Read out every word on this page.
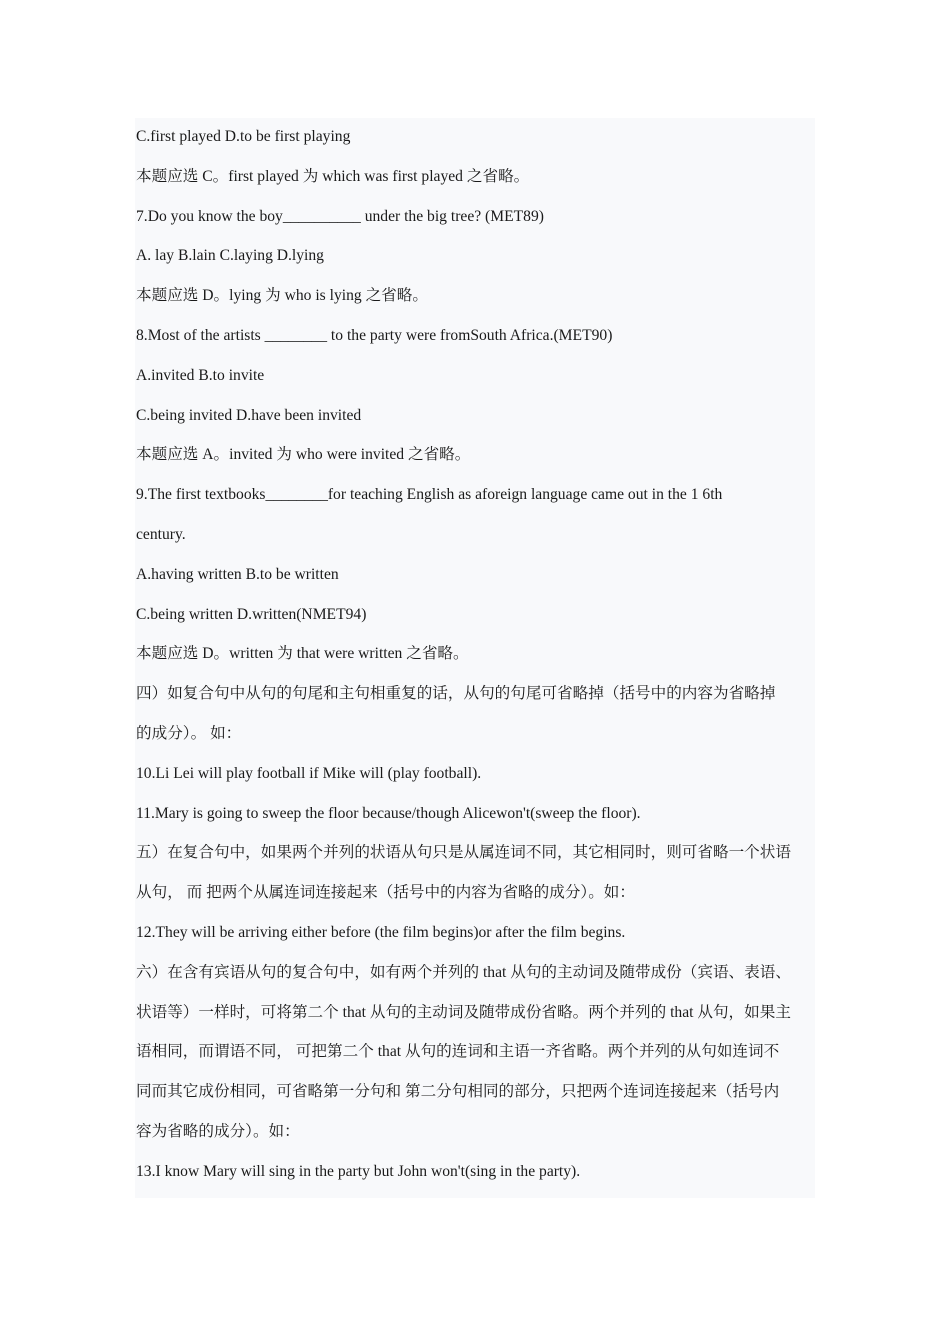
C.first played D.to be first playing

本题应选 C。first played 为 which was first played 之省略。

7.Do you know the boy__________ under the big tree? (MET89)

A. lay B.lain C.laying D.lying

本题应选 D。lying 为 who is lying 之省略。

8.Most of the artists ________ to the party were fromSouth Africa.(MET90)

A.invited B.to invite

C.being invited D.have been invited

本题应选 A。invited 为 who were invited 之省略。

9.The first textbooks________for teaching English as aforeign language came out in the 1 6th

century.

A.having written B.to be written

C.being written D.written(NMET94)

本题应选 D。written 为 that were written 之省略。

四）如复合句中从句的句尾和主句相重复的话，从句的句尾可省略掉（括号中的内容为省略掉

的成分）。 如：

10.Li Lei will play football if Mike will (play football).

11.Mary is going to sweep the floor because/though Alicewon't(sweep the floor).

五）在复合句中，如果两个并列的状语从句只是从属连词不同，其它相同时，则可省略一个状语

从句， 而 把两个从属连词连接起来（括号中的内容为省略的成分）。如：

12.They will be arriving either before (the film begins)or after the film begins.

六）在含有宾语从句的复合句中，如有两个并列的 that 从句的主动词及随带成份（宾语、表语、

状语等）一样时，可将第二个 that 从句的主动词及随带成份省略。两个并列的 that 从句，如果主

语相同，而谓语不同， 可把第二个 that 从句的连词和主语一齐省略。两个并列的从句如连词不

同而其它成份相同，可省略第一分句和 第二分句相同的部分，只把两个连词连接起来（括号内

容为省略的成分）。如：

13.I know Mary will sing in the party but John won't(sing in the party).
